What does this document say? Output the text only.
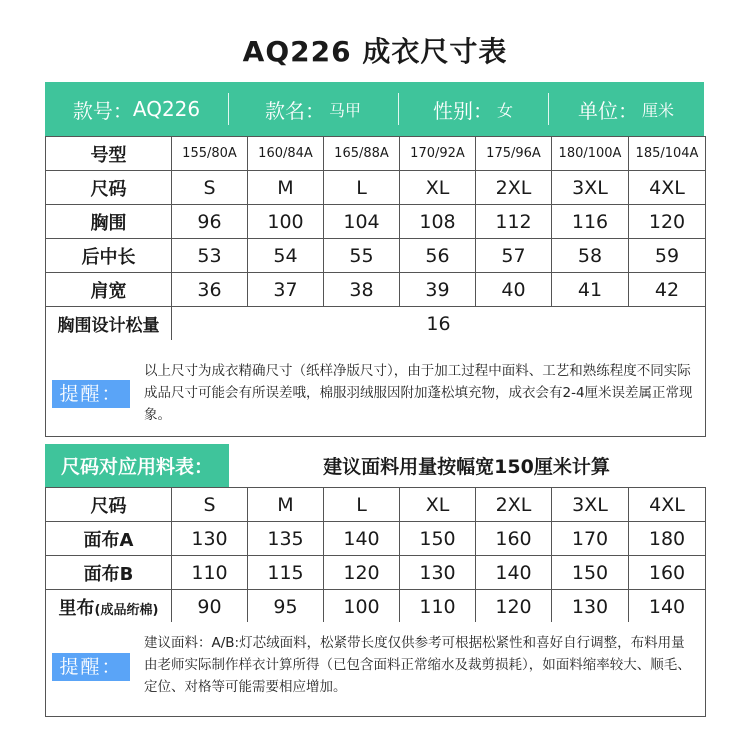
AQ226 成衣尺寸表
款号： AQ226	款名： 马甲	性别： 女	单位： 厘米
号型	155/80A	160/84A	165/88A	170/92A	175/96A	180/100A	185/104A
尺码	S	M	L	XL	2XL	3XL	4XL
胸围	96	100	104	108	112	116	120
后中长	53	54	55	56	57	58	59
肩宽	36	37	38	39	40	41	42
胸围设计松量	16						
提醒：
以上尺寸为成衣精确尺寸（纸样净版尺寸），由于加工过程中面料、工艺和熟练程度不同实际成品尺寸可能会有所误差哦，棉服羽绒服因附加蓬松填充物，成衣会有2-4厘米误差属正常现象。
尺码对应用料表：	建议面料用量按幅宽150厘米计算
尺码	S	M	L	XL	2XL	3XL	4XL
面布A	130	135	140	150	160	170	180
面布B	110	115	120	130	140	150	160
里布(成品绗棉)	90	95	100	110	120	130	140
提醒：
建议面料：A/B:灯芯绒面料，松紧带长度仅供参考可根据松紧性和喜好自行调整，布料用量由老师实际制作样衣计算所得（已包含面料正常缩水及裁剪损耗），如面料缩率较大、顺毛、定位、对格等可能需要相应增加。
